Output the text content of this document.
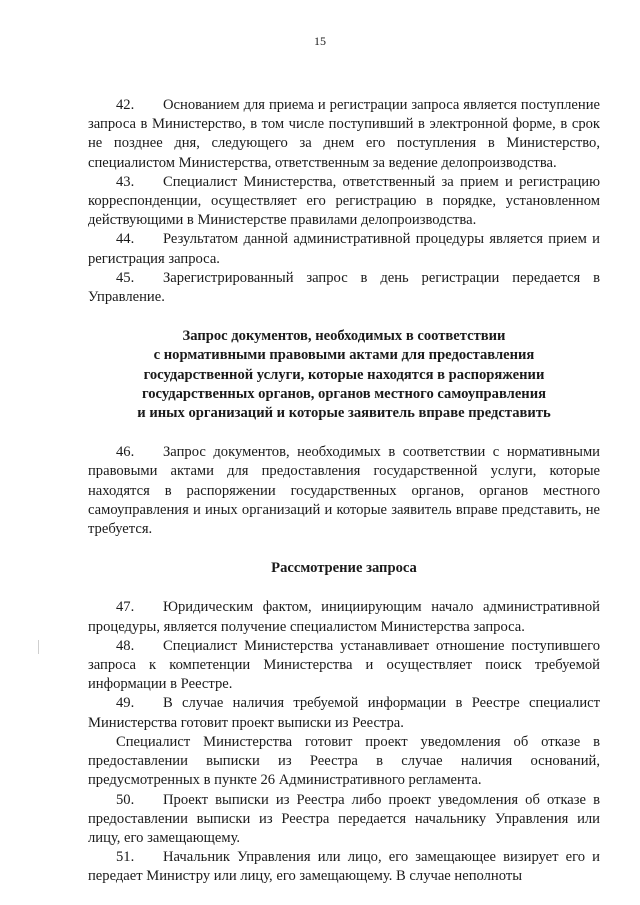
15

42. Основанием для приема и регистрации запроса является поступление запроса в Министерство, в том числе поступивший в электронной форме, в срок не позднее дня, следующего за днем его поступления в Министерство, специалистом Министерства, ответственным за ведение делопроизводства.

43. Специалист Министерства, ответственный за прием и регистрацию корреспонденции, осуществляет его регистрацию в порядке, установленном действующими в Министерстве правилами делопроизводства.

44. Результатом данной административной процедуры является прием и регистрация запроса.

45. Зарегистрированный запрос в день регистрации передается в Управление.

Запрос документов, необходимых в соответствии

с нормативными правовыми актами для предоставления

государственной услуги, которые находятся в распоряжении

государственных органов, органов местного самоуправления

и иных организаций и которые заявитель вправе представить

46. Запрос документов, необходимых в соответствии с нормативными правовыми актами для предоставления государственной услуги, которые находятся в распоряжении государственных органов, органов местного самоуправления и иных организаций и которые заявитель вправе представить, не требуется.

Рассмотрение запроса

47. Юридическим фактом, инициирующим начало административной процедуры, является получение специалистом Министерства запроса.

48. Специалист Министерства устанавливает отношение поступившего запроса к компетенции Министерства и осуществляет поиск требуемой информации в Реестре.

49. В случае наличия требуемой информации в Реестре специалист Министерства готовит проект выписки из Реестра.

Специалист Министерства готовит проект уведомления об отказе в предоставлении выписки из Реестра в случае наличия оснований, предусмотренных в пункте 26 Административного регламента.

50. Проект выписки из Реестра либо проект уведомления об отказе в предоставлении выписки из Реестра передается начальнику Управления или лицу, его замещающему.

51. Начальник Управления или лицо, его замещающее визирует его и передает Министру или лицу, его замещающему. В случае неполноты
